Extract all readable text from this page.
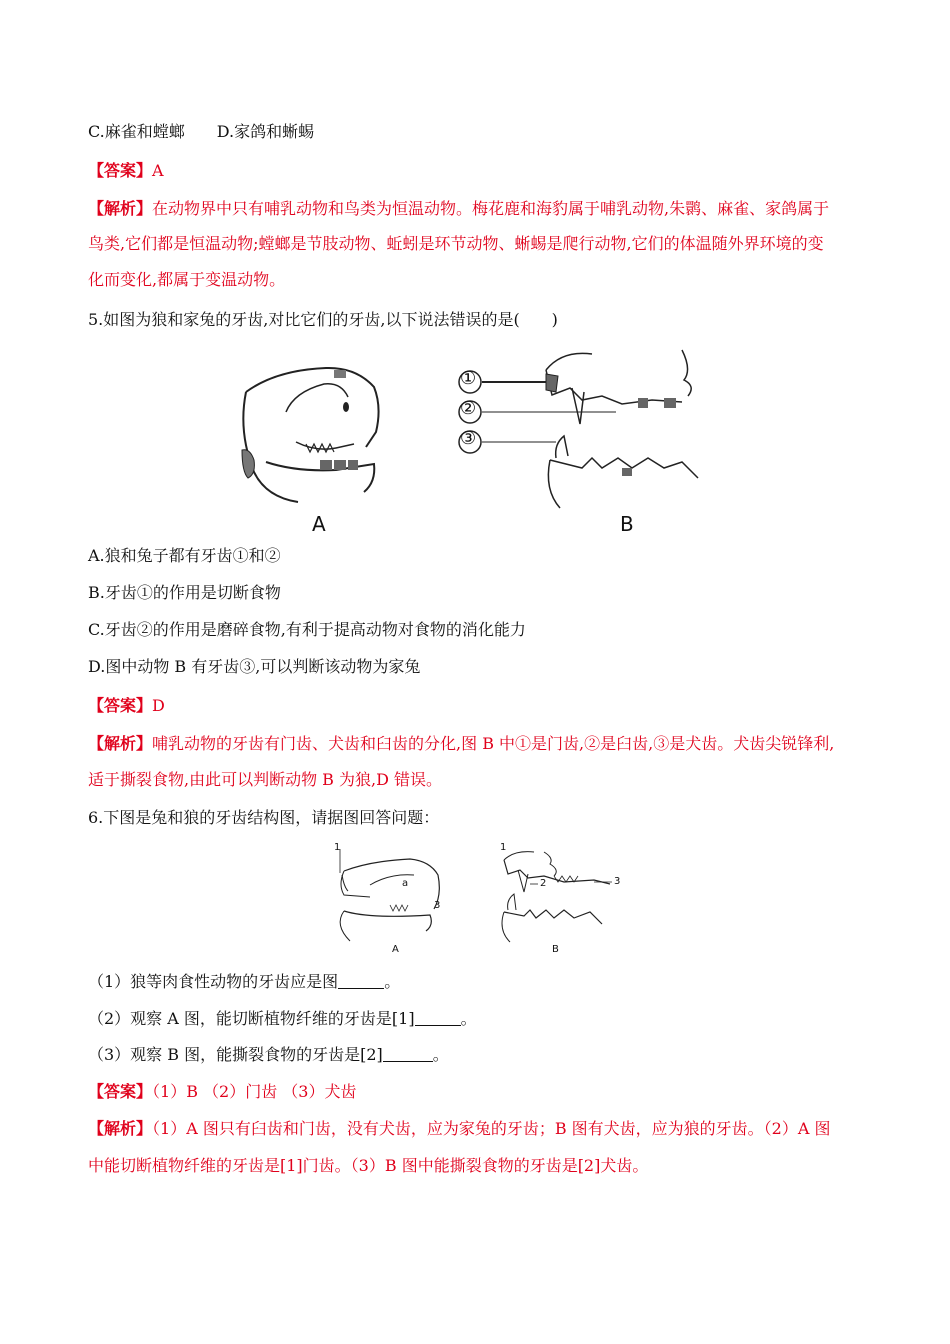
C.麻雀和螳螂　　D.家鸽和蜥蜴
【答案】A
【解析】在动物界中只有哺乳动物和鸟类为恒温动物。梅花鹿和海豹属于哺乳动物,朱鹮、麻雀、家鸽属于
鸟类,它们都是恒温动物;螳螂是节肢动物、蚯蚓是环节动物、蜥蜴是爬行动物,它们的体温随外界环境的变
化而变化,都属于变温动物。
5.如图为狼和家兔的牙齿,对比它们的牙齿,以下说法错误的是(　　)
A
①
②
③
B
A.狼和兔子都有牙齿①和②
B.牙齿①的作用是切断食物
C.牙齿②的作用是磨碎食物,有利于提高动物对食物的消化能力
D.图中动物 B 有牙齿③,可以判断该动物为家兔
【答案】D
【解析】哺乳动物的牙齿有门齿、犬齿和臼齿的分化,图 B 中①是门齿,②是臼齿,③是犬齿。犬齿尖锐锋利,
适于撕裂食物,由此可以判断动物 B 为狼,D 错误。
6.下图是兔和狼的牙齿结构图，请据图回答问题：
1
a
3
A
1
2	3
B
（1）狼等肉食性动物的牙齿应是图	。
（2）观察 A 图，能切断植物纤维的牙齿是[1]	。
（3）观察 B 图，能撕裂食物的牙齿是[2]	。
【答案】（1）B （2）门齿 （3）犬齿
【解析】（1）A 图只有臼齿和门齿，没有犬齿，应为家兔的牙齿；B 图有犬齿，应为狼的牙齿。（2）A 图
中能切断植物纤维的牙齿是[1]门齿。（3）B 图中能撕裂食物的牙齿是[2]犬齿。
